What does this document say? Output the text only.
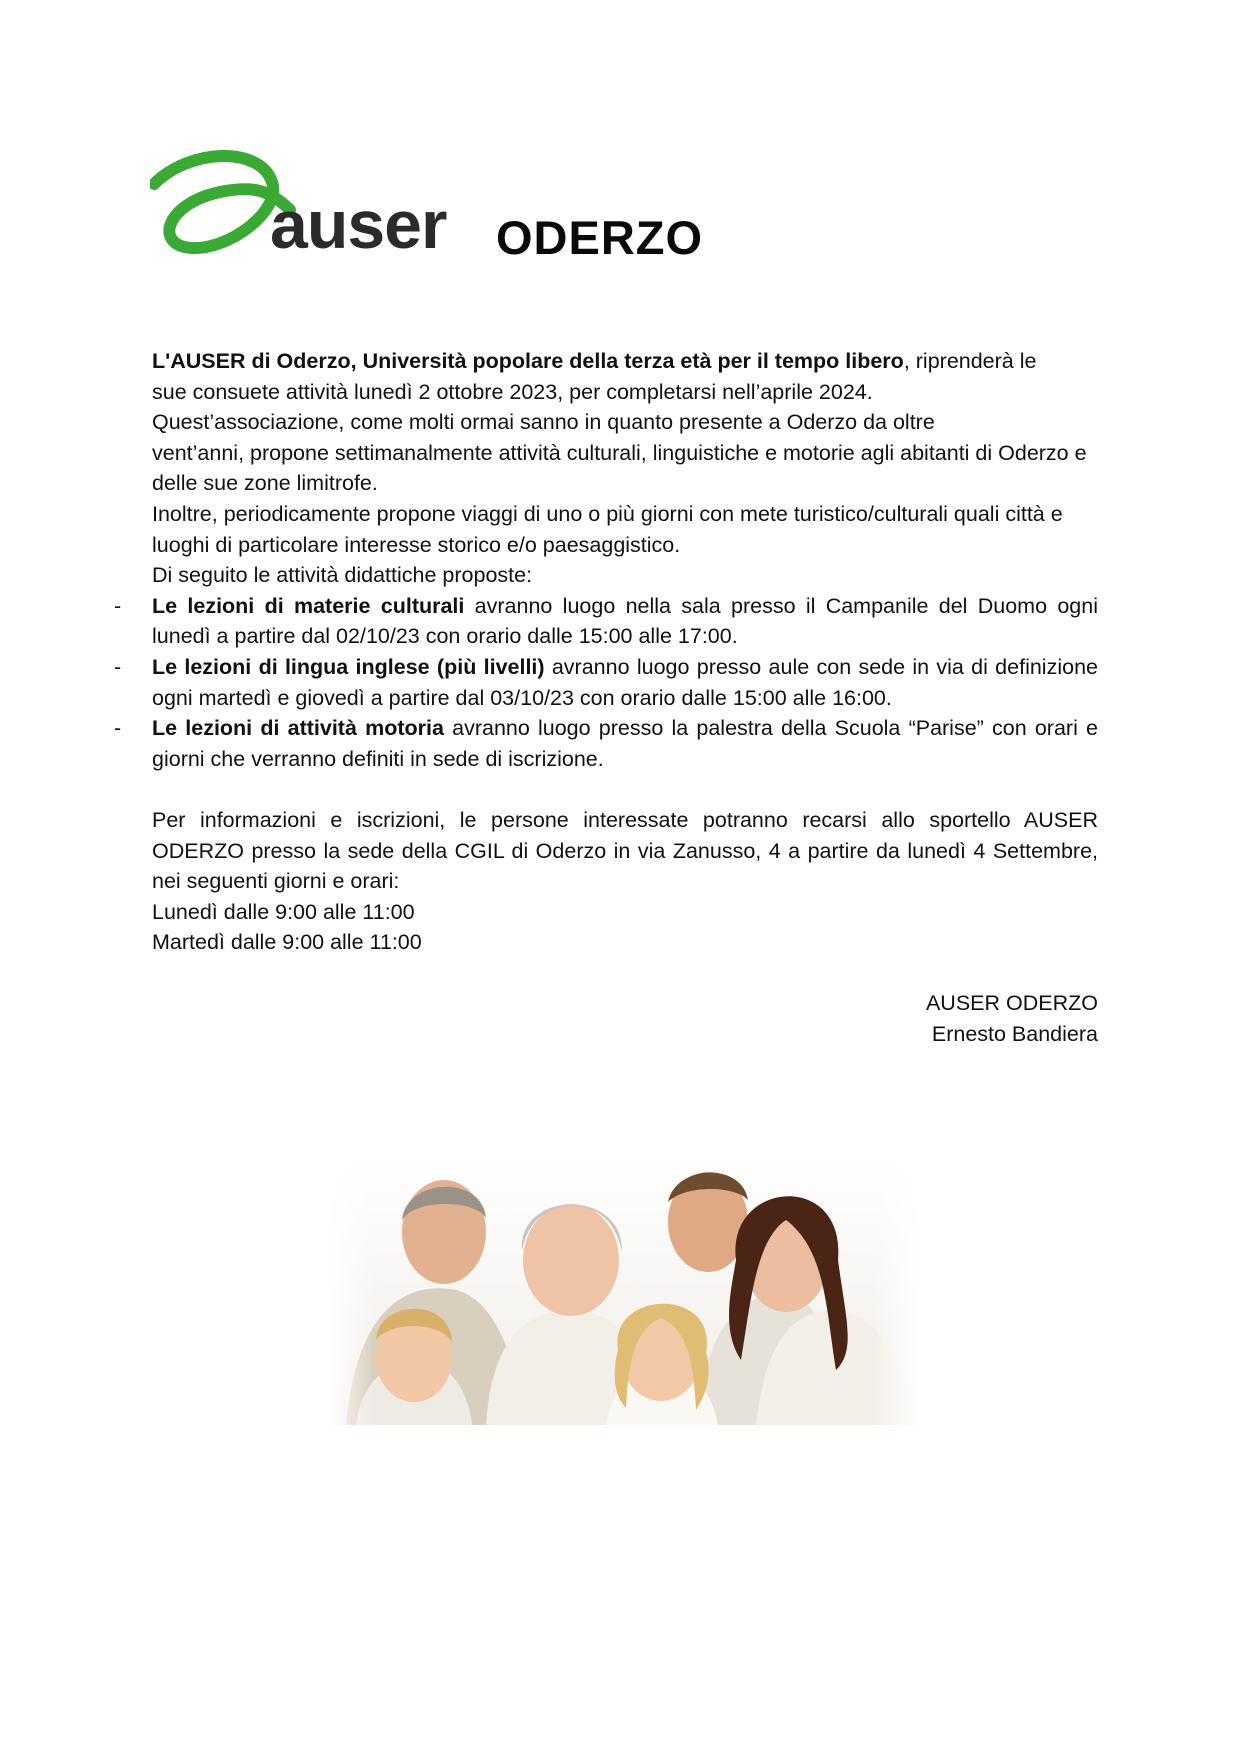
auser ODERZO

L'AUSER di Oderzo, Università popolare della terza età per il tempo libero, riprenderà le

sue consuete attività lunedì 2 ottobre 2023, per completarsi nell’aprile 2024.

Quest’associazione, come molti ormai sanno in quanto presente a Oderzo da oltre

vent’anni, propone settimanalmente attività culturali, linguistiche e motorie agli abitanti di Oderzo e delle sue zone limitrofe.

Inoltre, periodicamente propone viaggi di uno o più giorni con mete turistico/culturali quali città e luoghi di particolare interesse storico e/o paesaggistico.

Di seguito le attività didattiche proposte:

- Le lezioni di materie culturali avranno luogo nella sala presso il Campanile del Duomo ogni lunedì a partire dal 02/10/23 con orario dalle 15:00 alle 17:00.
- Le lezioni di lingua inglese (più livelli) avranno luogo presso aule con sede in via di definizione ogni martedì e giovedì a partire dal 03/10/23 con orario dalle 15:00 alle 16:00.
- Le lezioni di attività motoria avranno luogo presso la palestra della Scuola “Parise” con orari e giorni che verranno definiti in sede di iscrizione.

Per informazioni e iscrizioni, le persone interessate potranno recarsi allo sportello AUSER ODERZO presso la sede della CGIL di Oderzo in via Zanusso, 4 a partire da lunedì 4 Settembre, nei seguenti giorni e orari:

Lunedì dalle 9:00 alle 11:00

Martedì dalle 9:00 alle 11:00

AUSER ODERZO

Ernesto Bandiera
